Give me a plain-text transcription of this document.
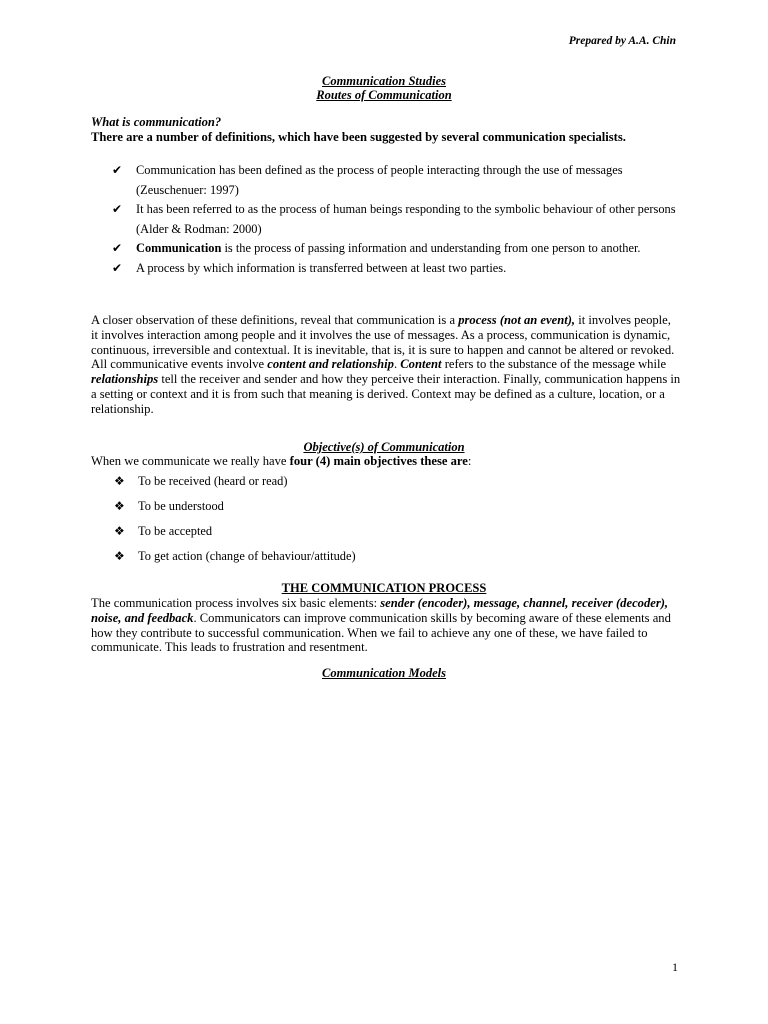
Prepared by A.A. Chin
Communication Studies
Routes of Communication
What is communication?
There are a number of definitions, which have been suggested by several communication specialists.
✔ Communication has been defined as the process of people interacting through the use of messages (Zeuschenuer: 1997)
✔ It has been referred to as the process of human beings responding to the symbolic behaviour of other persons (Alder & Rodman: 2000)
✔ Communication is the process of passing information and understanding from one person to another.
✔ A process by which information is transferred between at least two parties.
A closer observation of these definitions, reveal that communication is a process (not an event), it involves people, it involves interaction among people and it involves the use of messages. As a process, communication is dynamic, continuous, irreversible and contextual. It is inevitable, that is, it is sure to happen and cannot be altered or revoked. All communicative events involve content and relationship. Content refers to the substance of the message while relationships tell the receiver and sender and how they perceive their interaction. Finally, communication happens in a setting or context and it is from such that meaning is derived. Context may be defined as a culture, location, or a relationship.
Objective(s) of Communication
When we communicate we really have four (4) main objectives these are:
❖ To be received (heard or read)
❖ To be understood
❖ To be accepted
❖ To get action (change of behaviour/attitude)
THE COMMUNICATION PROCESS
The communication process involves six basic elements: sender (encoder), message, channel, receiver (decoder), noise, and feedback. Communicators can improve communication skills by becoming aware of these elements and how they contribute to successful communication. When we fail to achieve any one of these, we have failed to communicate. This leads to frustration and resentment.
Communication Models
1
